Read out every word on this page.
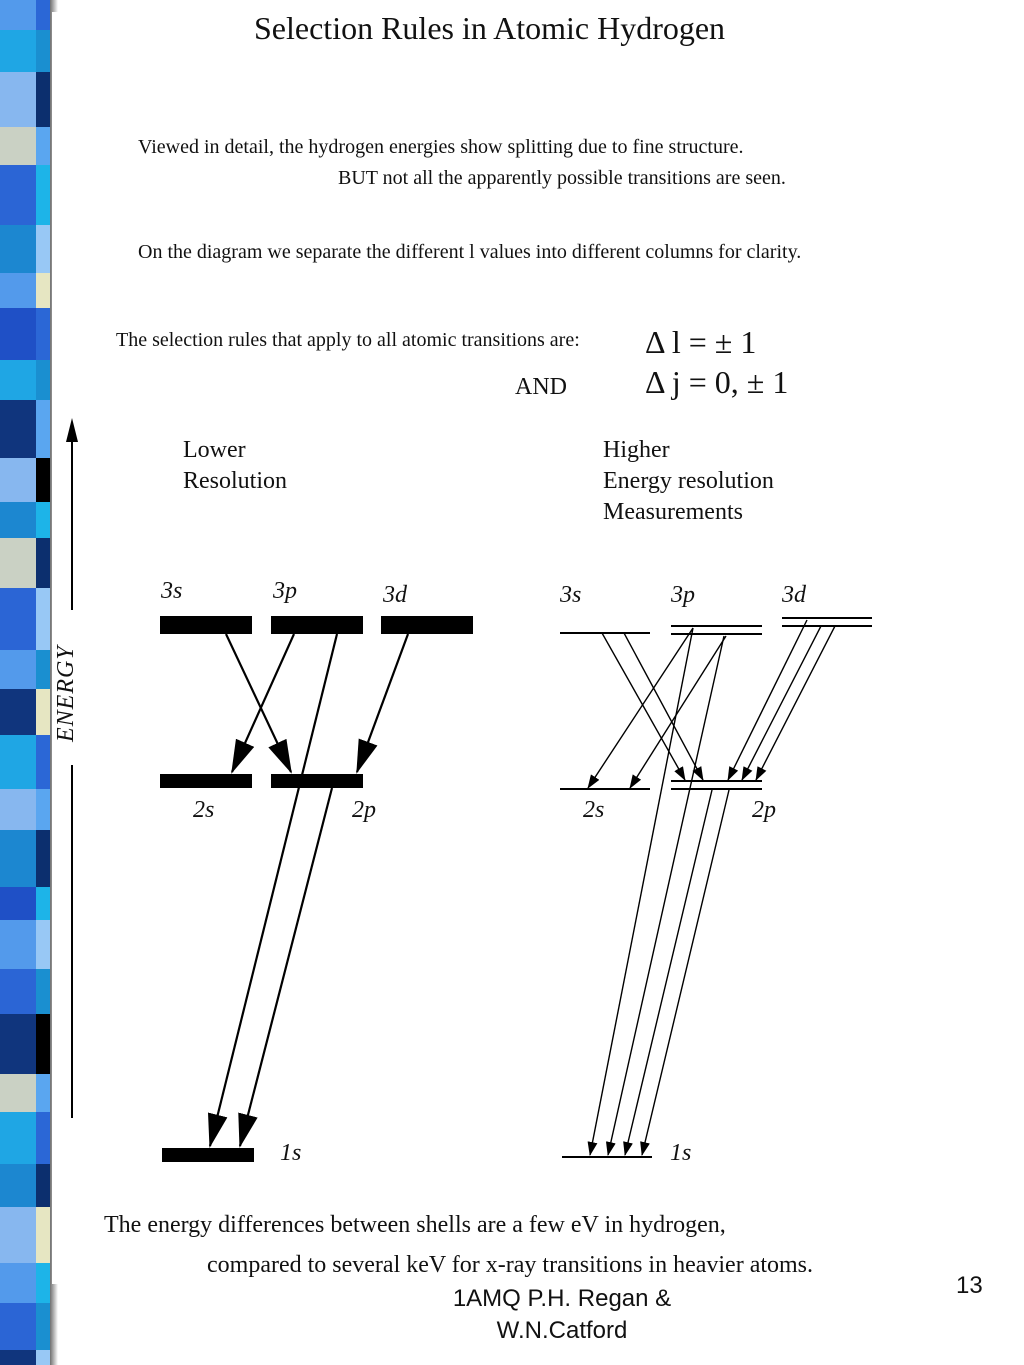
Selection Rules in Atomic Hydrogen
Viewed in detail, the hydrogen energies show splitting due to fine structure.
BUT not all the apparently possible transitions are seen.
On the diagram we separate the different l values into different columns for clarity.
The selection rules that apply to all atomic transitions are: Δ l = ± 1
AND Δ j = 0, ± 1
Lower
Resolution
Higher
Energy resolution
Measurements
ENERGY
3s	3p	3d
2s	2p
1s
3s	3p	3d
2s	2p
1s
The energy differences between shells are a few eV in hydrogen,
compared to several keV for x-ray transitions in heavier atoms.
13
1AMQ P.H. Regan &
W.N.Catford
